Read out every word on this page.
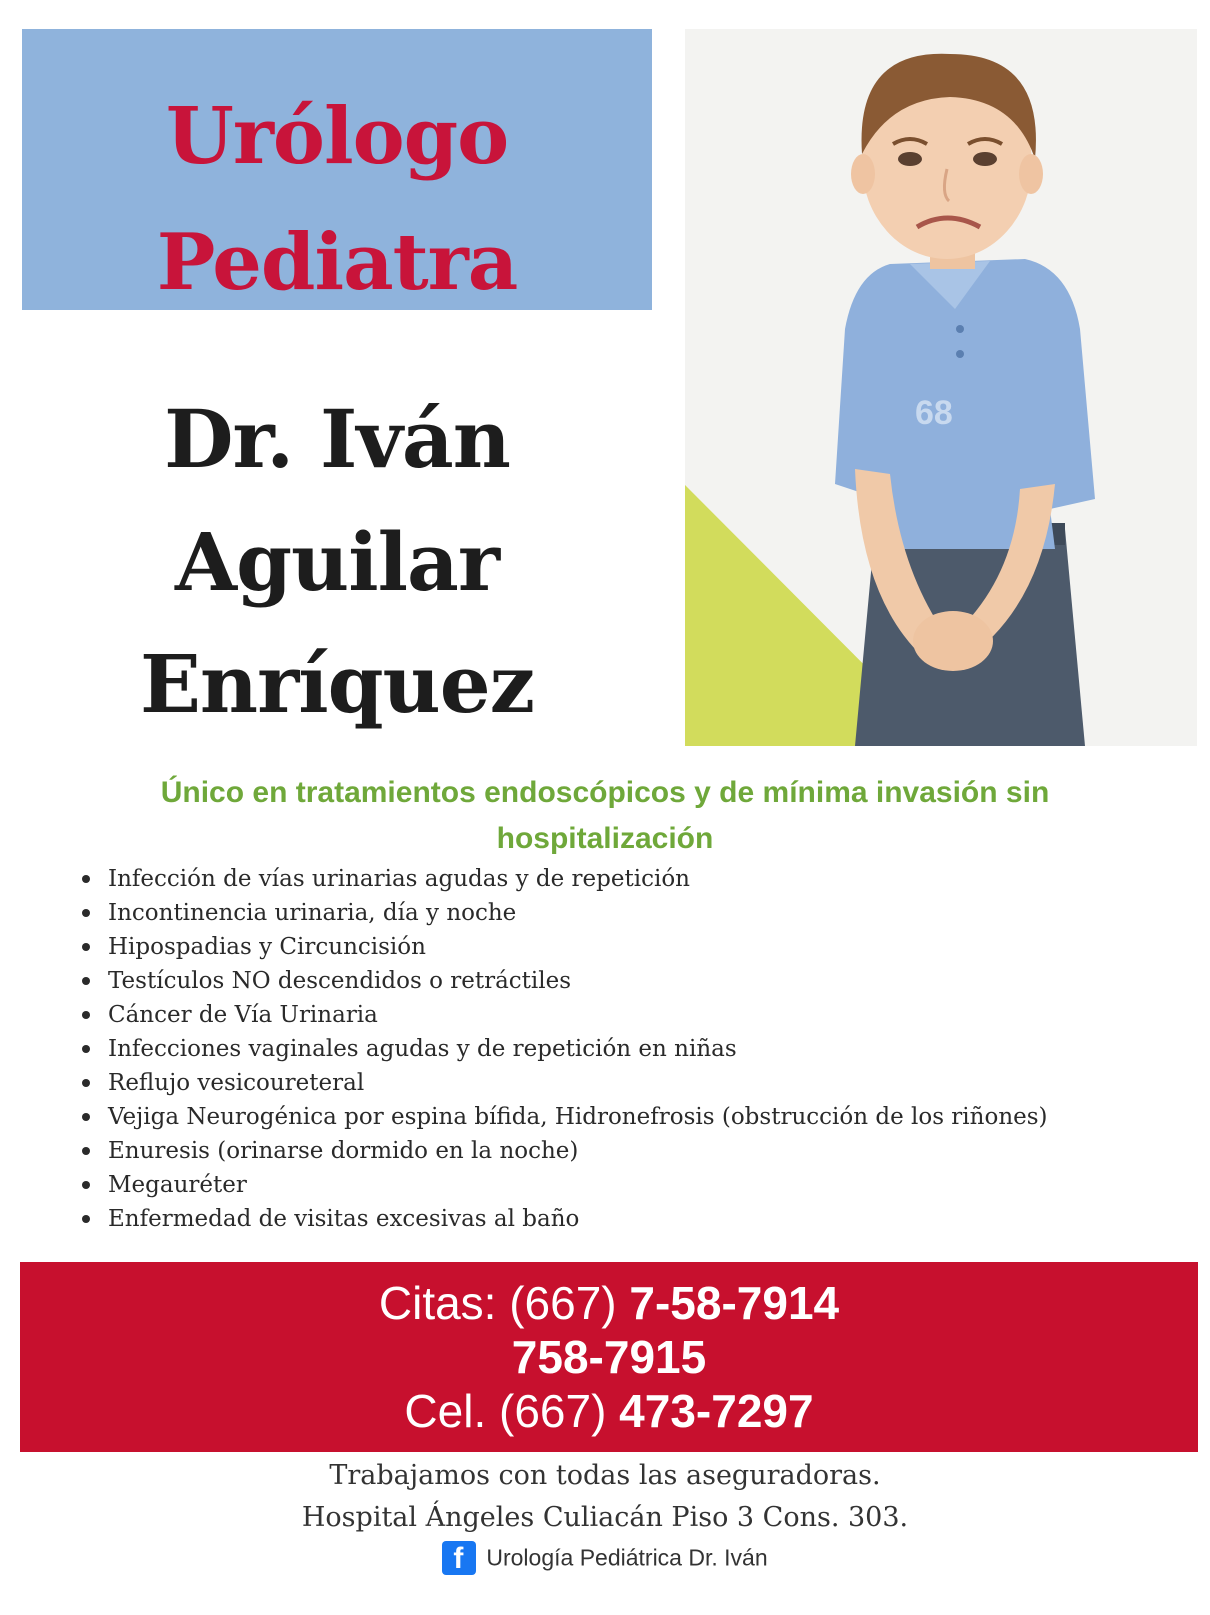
Urólogo
Pediatra
68
Dr. Iván
Aguilar
Enríquez
Único en tratamientos endoscópicos y de mínima invasión sin hospitalización
Infección de vías urinarias agudas y de repetición
Incontinencia urinaria, día y noche
Hipospadias y Circuncisión
Testículos NO descendidos o retráctiles
Cáncer de Vía Urinaria
Infecciones vaginales agudas y de repetición en niñas
Reflujo vesicoureteral
Vejiga Neurogénica por espina bífida, Hidronefrosis (obstrucción de los riñones)
Enuresis (orinarse dormido en la noche)
Megauréter
Enfermedad de visitas excesivas al baño
Citas: (667) 7-58-7914
758-7915
Cel. (667) 473-7297
Trabajamos con todas las aseguradoras.
Hospital Ángeles Culiacán Piso 3 Cons. 303.
f Urología Pediátrica Dr. Iván
